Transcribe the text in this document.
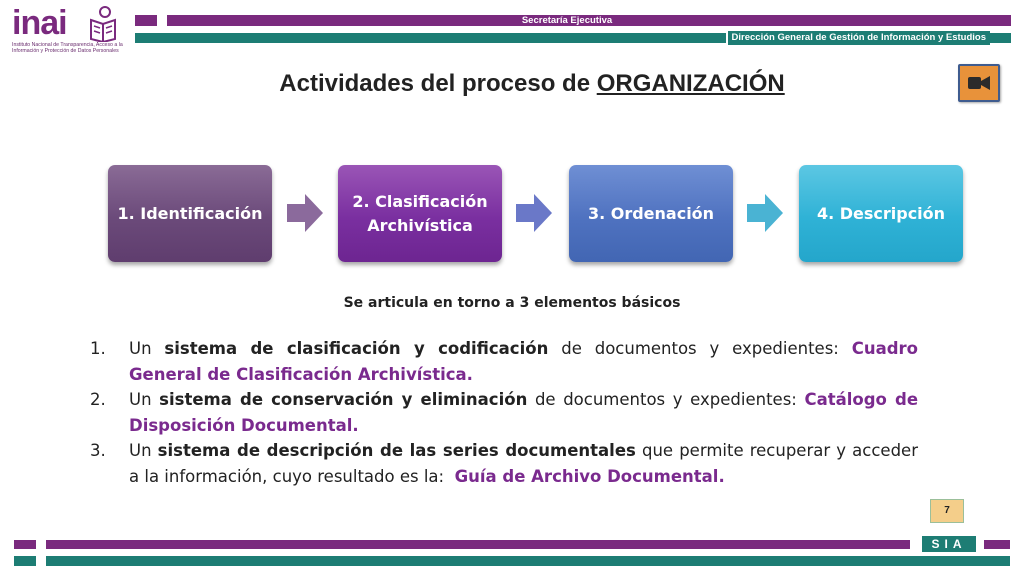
inai
Instituto Nacional de Transparencia, Acceso a la Información y Protección de Datos Personales
Secretaría Ejecutiva
Dirección General de Gestión de Información y Estudios
Actividades del proceso de ORGANIZACIÓN
1. Identificación
2. Clasificación Archivística
3. Ordenación	4. Descripción
Se articula en torno a 3 elementos básicos
1. Un sistema de clasificación y codificación de documentos y expedientes: Cuadro General de Clasificación Archivística.
2. Un sistema de conservación y eliminación de documentos y expedientes: Catálogo de Disposición Documental.
3. Un sistema de descripción de las series documentales que permite recuperar y acceder a la información, cuyo resultado es la:  Guía de Archivo Documental.
7
SIA
